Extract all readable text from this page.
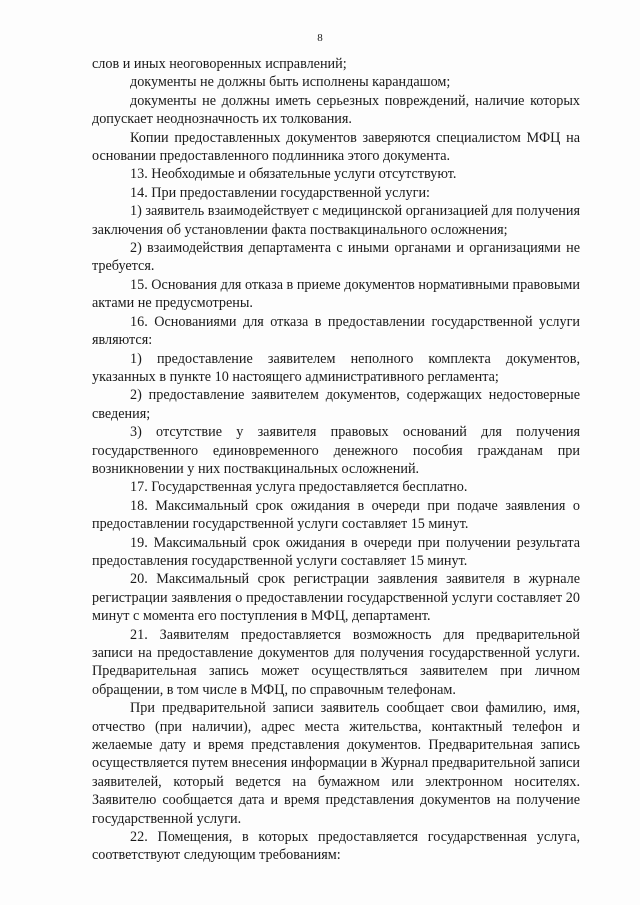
8

слов и иных неоговоренных исправлений;

документы не должны быть исполнены карандашом;

документы не должны иметь серьезных повреждений, наличие которых допускает неоднозначность их толкования.

Копии предоставленных документов заверяются специалистом МФЦ на основании предоставленного подлинника этого документа.

13. Необходимые и обязательные услуги отсутствуют.

14. При предоставлении государственной услуги:

1) заявитель взаимодействует с медицинской организацией для получения заключения об установлении факта поствакцинального осложнения;

2) взаимодействия департамента с иными органами и организациями не требуется.

15. Основания для отказа в приеме документов нормативными правовыми актами не предусмотрены.

16. Основаниями для отказа в предоставлении государственной услуги являются:

1) предоставление заявителем неполного комплекта документов, указанных в пункте 10 настоящего административного регламента;

2) предоставление заявителем документов, содержащих недостоверные сведения;

3) отсутствие у заявителя правовых оснований для получения государственного единовременного денежного пособия гражданам при возникновении у них поствакцинальных осложнений.

17. Государственная услуга предоставляется бесплатно.

18. Максимальный срок ожидания в очереди при подаче заявления о предоставлении государственной услуги составляет 15 минут.

19. Максимальный срок ожидания в очереди при получении результата предоставления государственной услуги составляет 15 минут.

20. Максимальный срок регистрации заявления заявителя в журнале регистрации заявления о предоставлении государственной услуги составляет 20 минут с момента его поступления в МФЦ, департамент.

21. Заявителям предоставляется возможность для предварительной записи на предоставление документов для получения государственной услуги. Предварительная запись может осуществляться заявителем при личном обращении, в том числе в МФЦ, по справочным телефонам.

При предварительной записи заявитель сообщает свои фамилию, имя, отчество (при наличии), адрес места жительства, контактный телефон и желаемые дату и время представления документов. Предварительная запись осуществляется путем внесения информации в Журнал предварительной записи заявителей, который ведется на бумажном или электронном носителях. Заявителю сообщается дата и время представления документов на получение государственной услуги.

22. Помещения, в которых предоставляется государственная услуга, соответствуют следующим требованиям:
